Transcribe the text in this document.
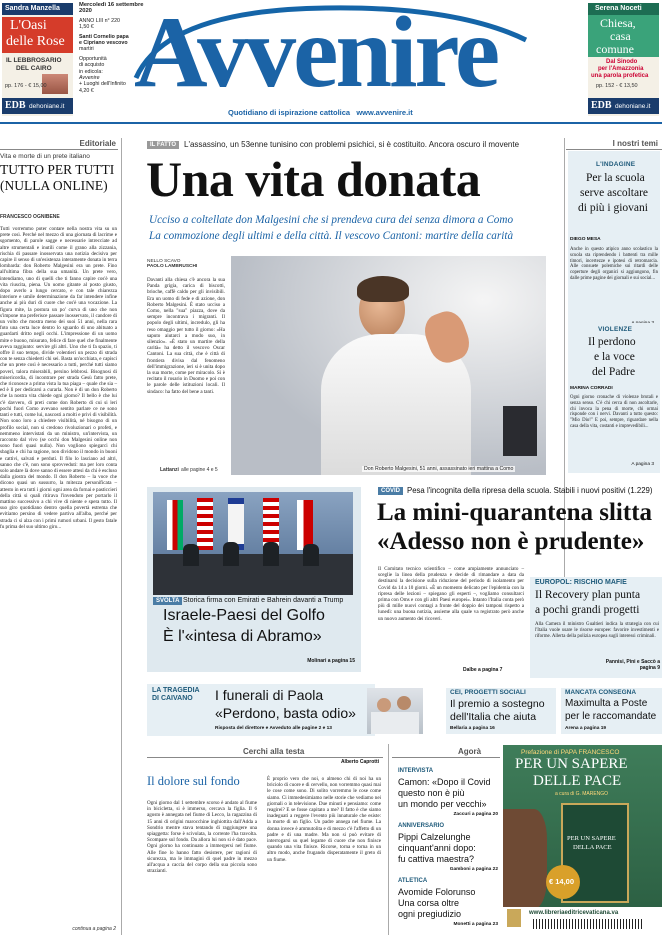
Sandra Manzella
L'Oasi
delle Rose
IL LEBBROSARIO
DEL CAIRO
pp. 176 - € 15,00
EDB dehoniane.it
Mercoledì 16 settembre
2020
ANNO LIII n° 220
1,50 €
Santi Cornelio papa e Cipriano vescovo
martiri
Opportunità
di acquisto
in edicola:
Avvenire
+ Luoghi dell'Infinito
4,20 € Avvenire
Quotidiano di ispirazione cattolica   www.avvenire.it
Serena Noceti
Chiesa,
casa
comune
Dal Sinodo
per l'Amazzonia
una parola profetica
pp. 152 - € 13,50
EDB dehoniane.it
Editoriale
Vita e morte di un prete italiano
TUTTO PER TUTTI
(NULLA ONLINE)
FRANCESCO OGNIBENE
Tutti vorremmo poter contare nella nostra vita su un prete così. Perché nel mezzo di una giornata di lacrime e sgomento, di parole sagge e necessarie intrecciate ad altre strumentali e inutili come il grano alla zizzania, rischia di passare inosservata una notizia decisiva per capire il senso di un'esistenza interamente donata in terra lombarda: don Roberto Malgesini era un prete. Fino all'ultima fibra della sua umanità. Un prete vero, intendiamo, uno di quelli che ti fanno capire cos'è una vita riuscita, piena. Un uomo gitante al posto giusto, dopo averlo a lungo cercato, e con tale chiarezza interiore e umile determinazione da far intendere infine anche ai più duri di cuore che cos'è una vocazione. La figura mite, la postura un po' curva di uno che non s'impone ma preferisce passare inosservato, il candore di un volto che mostra meno dei suoi 51 anni, nella rara foto una certa luce dentro lo sguardo di uno abituato a guardarti dritto negli occhi. L'impressione di un uomo mite e buono, misurato, felice di fare quel che finalmente aveva raggiunto: servire gli altri. Uno che ti fa spazio, ti offre il suo tempo, divide volentieri un pezzo di strada con te senza chiederti chi sei. Basta un'occhiata, e capisci che un prete così è necessario a tutti, perché tutti siamo poveri, talora miserabili, persino lebbrosi. Bisognosi di misericordia, di incontrare per strada Gesù fatto prete, che riconosce a prima vista la tua piaga – quale che sia – ed è lì per dedicarsi a curarla. Non è di un don Roberto che la nostra vita chiede ogni giorno? Il bello è che lui c'è davvero, di preti come don Roberto di cui si leri pochi fuori Como avevano sentito parlare ce ne sono tanti e tutti, come lui, nascosti a molti e privi di visibilità. Non sono loro a chiedere visibilità, né bisogno di un profilo social, non si credono rivoluzionari o profeti, e nemmeno intervistati da un ministro, un'intervista, un racconto dal vivo (se occhi don Malgesini online non sono fuori quasi nulla). Non vogliono spiegarci chi sbaglia e chi ha ragione, non dividono il mondo in buoni e cattivi, salvati e perduti. Il filo lo lasciano ad altri, sanno che c'è, non sono sprovveduti: ma per loro conta solo andare là dove sanno di essere attesi da chi è escluso dalla giostra del mondo. Il don Roberto – la voce che dicono quasi un sussurro, la mitezza personificata – attesto in era tutti i giorni ogni area da fornai e pasticcieri della città si quali ritirava l'invenduto per portarlo il mattino successivo a chi vive di niente e spera tutto. Il suo giro quotidiano dentro quella povertà estrema che evitiamo persino di vedere partiva all'alba, perché per strada ci si alza con i primi rumori urbani. Il gesto fatale fu prima del suo ultimo giro...
continua a pagina 2
IL FATTO L'assassino, un 53enne tunisino con problemi psichici, si è costituito. Ancora oscuro il movente
Una vita donata
Ucciso a coltellate don Malgesini che si prendeva cura dei senza dimora a Como
La commozione degli ultimi e della città. Il vescovo Cantoni: martire della carità
NELLO SCAVO
PAOLO LAMBRUSCHI
Davanti alla chiesa c'è ancora la sua Panda grigia, carica di biscotti, brioche, caffè caldo per gli invisibili. Era un uomo di fede e di azione, don Roberto Malgesini. È stato ucciso a Como, nella "sua" piazza, dove da sempre incontrava i migranti. Il popolo degli ultimi, incredulo, gli ha reso omaggio per tutto il giorno: «Ha saputo aiutarci a modo suo, in silenzio». «È stato un martire della carità» ha detto il vescovo Oscar Cantoni. La sua città, che è città di frontiera divisa dal fenomeno dell'immigrazione, ieri si è unita dopo la sua morte, come per miracolo. Si è recitato il rosario in Duomo e poi con le parole delle istituzioni locali. Il sindaco: ha fatto del bene a tanti.
Lattanzi alle pagine 4 e 5	Don Roberto Malgesini, 51 anni, assassinato ieri mattina a Como
I nostri temi
L'INDAGINE
Per la scuola
serve ascoltare
di più i giovani
DIEGO MESA
Anche in questo atipico anno scolastico la scuola sta riprendendo i battenti tra mille timori, incertezze e ipotesi di retromarcia. Alle consuete polemiche sui ritardi delle coperture degli organici si aggiungono, fin dalle prime pagine dei giornali e sui social...
VIOLENZE
Il perdono
e la voce
del Padre
MARINA CORRADI
Ogni giorno cronache di violenze brutali e senza senso. C'è chi cerca di non ascoltarle, chi invoca la pena di morte, chi ormai risponde con i nervi. Davanti a tutto questo: "Mio Dio!" E poi, sempre, riguardare nella casa della vita, costanti e imprevedibili...
A pagina 3
SVOLTA Storica firma con Emirati e Bahrein davanti a Trump
Israele-Paesi del Golfo
È l'«intesa di Abramo»
Molinari a pagina 15
COVID Pesa l'incognita della ripresa della scuola. Stabili i nuovi positivi (1.229)
La mini-quarantena slitta
«Adesso non è prudente»
Il Comitato tecnico scientifico – come ampiamente annunciato – sceglie la linea della prudenza e decide di rimandare a data da destinarsi la decisione sulla riduzione del periodo di isolamento per Covid da 14 a 10 giorni. «È un momento delicato per l'epidemia con la ripresa delle lezioni – spiegano gli esperti –, vogliamo consultarci prima con Oms e con gli altri Paesi europei». Intanto l'Italia conta però più di mille nuovi contagi a fronte del doppio dei tamponi rispetto a lunedì: una buona notizia, assieme alla quale va registrato però anche un nuovo aumento dei ricoveri.
Dalbe a pagina 7
EUROPOL: RISCHIO MAFIE
Il Recovery plan punta
a pochi grandi progetti
Alla Camera il ministro Gualtieri indica la strategia con cui l'Italia vuole usare le risorse europee: favorire investimenti e riforme. Allerta della polizia europea sugli interessi criminali.
Pannisi, Pini e Saccò a pagina 9
LA TRAGEDIA
DI CAIVANO I funerali di Paola
«Perdono, basta odio»
Risposta del direttore e Avveduto alle pagine 2 e 13
CEI, PROGETTI SOCIALI
Il premio a sostegno
dell'Italia che aiuta
Bellaria a pagina 16
MANCATA CONSEGNA
Maximulta a Poste
per le raccomandate
Arena a pagina 19
Cerchi alla testa
Alberto Caprotti
Il dolore sul fondo
Ogni giorno dal 1 settembre scorso è andato al fiume in bicicletta, si è immerso, cercava la figlia. Il 6 agosto è annegata nel fiume di Lecco, la ragazzina di 15 anni di origini marocchine inghiottita dall'Adda a Sondrio mentre stava tentando di raggiungere una spiaggetta: forse è scivolata, la corrente l'ha travolta. Scompare sul fondo. Da allora lui non si è dato pace. Ogni giorno ha continuato a immergersi nel fiume. Alle fine lo hanno fatto desistere, per ragioni di sicurezza, ma le immagini di quel padre in mezzo all'acqua a caccia del corpo della sua piccola sono strazianti.
È proprio vero che noi, o almeno chi di noi ha un briciolo di cuore e di cervello, non vorremmo quasi mai le cose come sono. Di solito vorremmo le cose come siamo. Ci immedesimiamo nelle storie che vediamo nei giornali o in televisione. Due minuti e pensiamo: come reagirei? E se fosse capitato a me? Il fatto è che siamo inadeguati a reggere l'evento più innaturale che esiste: la morte di un figlio. Un padre annega nel fiume. La donna invece è ammutolita e di mezzo c'è l'affetto di un padre e di una madre. Ma non si può evitare di interrogarsi su quel legame di cuore che non finisce quando una vita finisce. Ricorse, torna e torna in un altro modo, anche frugando disperatamente il greto di un fiume.
Agorà
INTERVISTA
Camon: «Dopo il Covid
questo non è più
un mondo per vecchi»
Zaccuri a pagina 20
ANNIVERSARIO
Pippi Calzelunghe
cinquant'anni dopo:
fu cattiva maestra?
Gamboni a pagina 22
ATLETICA
Avomide Folorunso
Una corsa oltre
ogni pregiudizio
Monetti a pagina 23
Prefazione di PAPA FRANCESCO
PER UN SAPERE
DELLE PACE
a cura di G. MARENGO
PER UN SAPERE
DELLA PACE
€ 14,00
www.libreriaeditricevaticana.va
